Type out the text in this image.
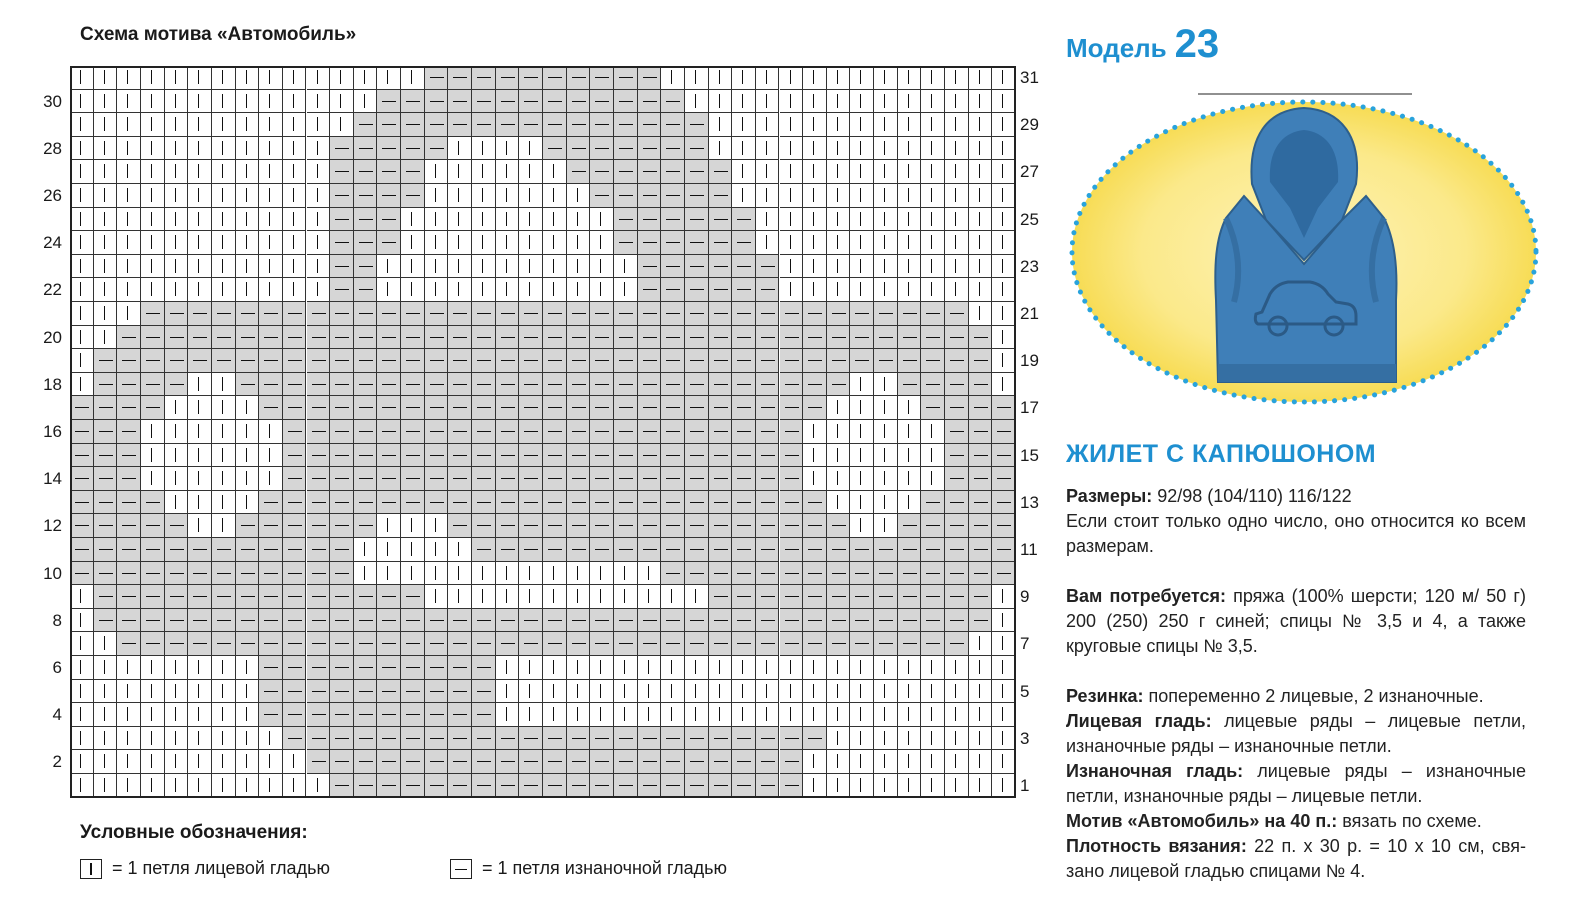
Схема мотива «Автомобиль»
30
28
26
24
22
20
18
16
14
12
10
8
6
4
2
31
29
27
25
23
21
19
17
15
13
11
9
7
5
3
1
Условные обозначения:
= 1 петля лицевой гладью	= 1 петля изнаночной гладью
Модель 23
ЖИЛЕТ С КАПЮШОНОМ
Размеры: 92/98 (104/110) 116/122
Если стоит только одно число, оно относится ко всем размерам.
Вам потребуется: пряжа (100% шерсти; 120 м/ 50 г) 200 (250) 250 г синей; спицы № 3,5 и 4, а также круговые спицы № 3,5.
Резинка: попеременно 2 лицевые, 2 изнаночные.
Лицевая гладь: лицевые ряды – лицевые петли, изнаночные ряды – изнаночные петли.
Изнаночная гладь: лицевые ряды – изнаночные петли, изнаночные ряды – лицевые петли.
Мотив «Автомобиль» на 40 п.: вязать по схеме.
Плотность вязания: 22 п. х 30 р. = 10 х 10 см, связано лицевой гладью спицами № 4.
